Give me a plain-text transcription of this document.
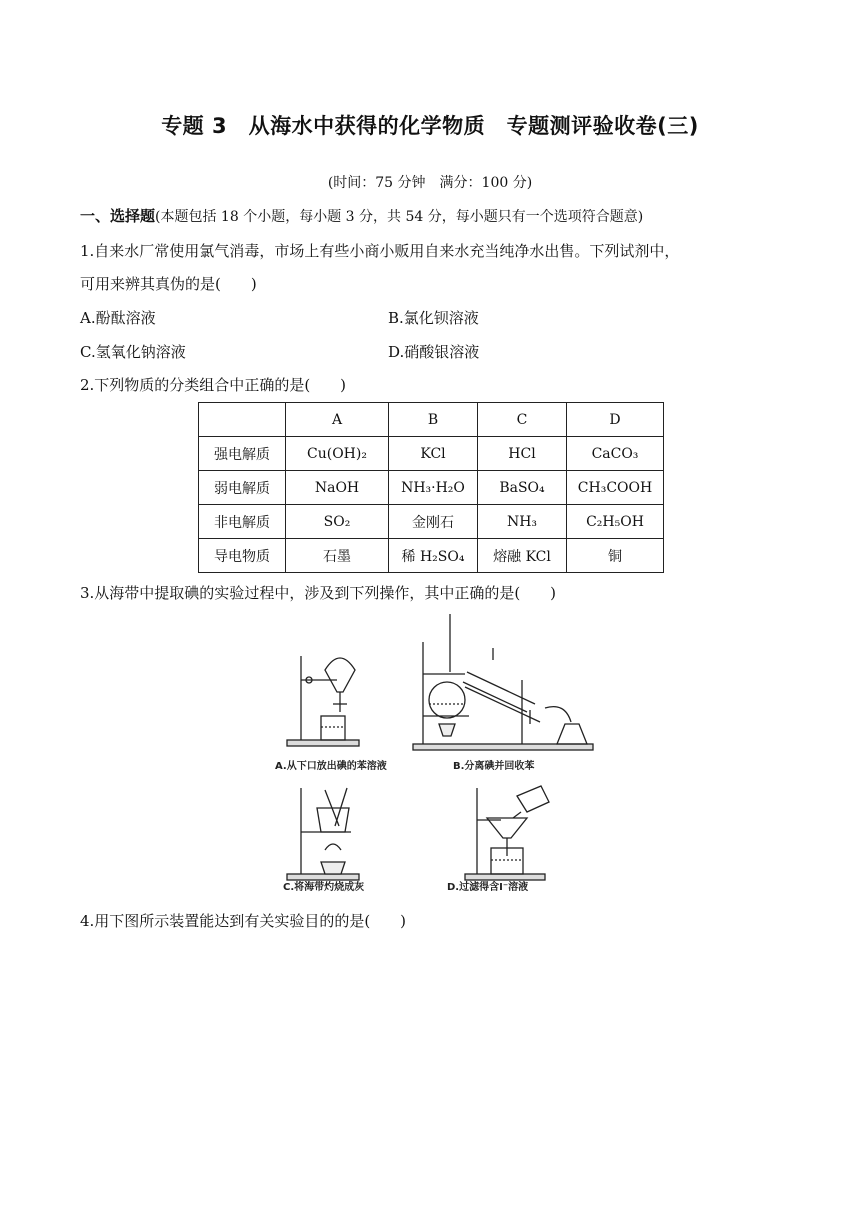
专题 3　从海水中获得的化学物质　专题测评验收卷(三)
(时间：75 分钟　满分：100 分)
一、选择题(本题包括 18 个小题，每小题 3 分，共 54 分，每小题只有一个选项符合题意)
1.自来水厂常使用氯气消毒，市场上有些小商小贩用自来水充当纯净水出售。下列试剂中，
可用来辨其真伪的是(　　)
A.酚酞溶液	B.氯化钡溶液
C.氢氧化钠溶液	D.硝酸银溶液
2.下列物质的分类组合中正确的是(　　)
	A	B	C	D
强电解质	Cu(OH)₂	KCl	HCl	CaCO₃
弱电解质	NaOH	NH₃·H₂O	BaSO₄	CH₃COOH
非电解质	SO₂	金刚石	NH₃	C₂H₅OH
导电物质	石墨	稀 H₂SO₄	熔融 KCl	铜
3.从海带中提取碘的实验过程中，涉及到下列操作，其中正确的是(　　)
A.从下口放出碘的苯溶液	B.分离碘并回收苯
C.将海带灼烧成灰	D.过滤得含I⁻溶液
4.用下图所示装置能达到有关实验目的的是(　　)
